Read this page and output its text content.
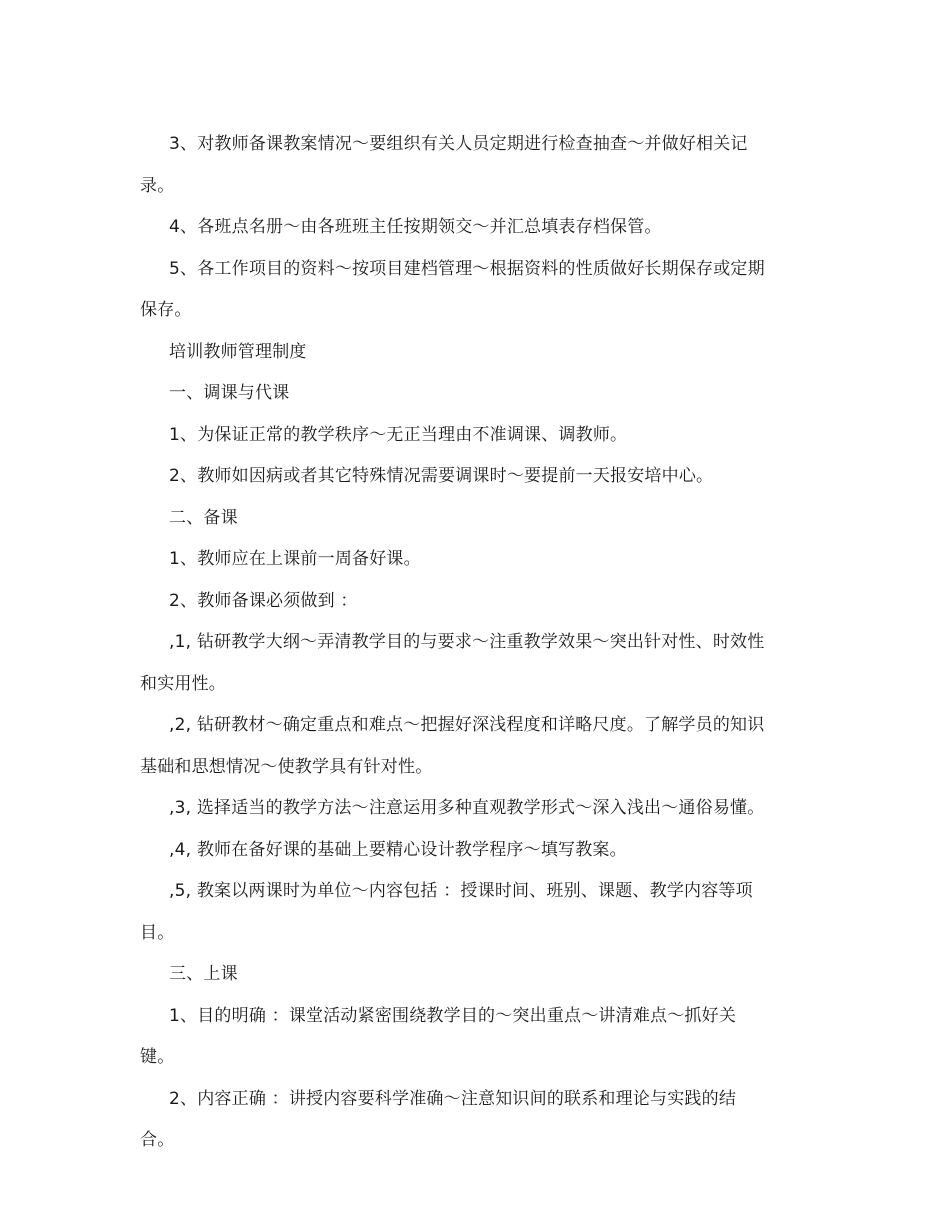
3、对教师备课教案情况～要组织有关人员定期进行检查抽查～并做好相关记录。

4、各班点名册～由各班班主任按期领交～并汇总填表存档保管。

5、各工作项目的资料～按项目建档管理～根据资料的性质做好长期保存或定期保存。

培训教师管理制度

一、调课与代课

1、为保证正常的教学秩序～无正当理由不准调课、调教师。

2、教师如因病或者其它特殊情况需要调课时～要提前一天报安培中心。

二、备课

1、教师应在上课前一周备好课。

2、教师备课必须做到 ：

,1, 钻研教学大纲～弄清教学目的与要求～注重教学效果～突出针对性、时效性和实用性。

,2, 钻研教材～确定重点和难点～把握好深浅程度和详略尺度。了解学员的知识基础和思想情况～使教学具有针对性。

,3, 选择适当的教学方法～注意运用多种直观教学形式～深入浅出～通俗易懂。

,4, 教师在备好课的基础上要精心设计教学程序～填写教案。

,5, 教案以两课时为单位～内容包括 ：授课时间、班别、课题、教学内容等项目。

三、上课

1、目的明确 ：课堂活动紧密围绕教学目的～突出重点～讲清难点～抓好关键。

2、内容正确 ：讲授内容要科学准确～注意知识间的联系和理论与实践的结合。
